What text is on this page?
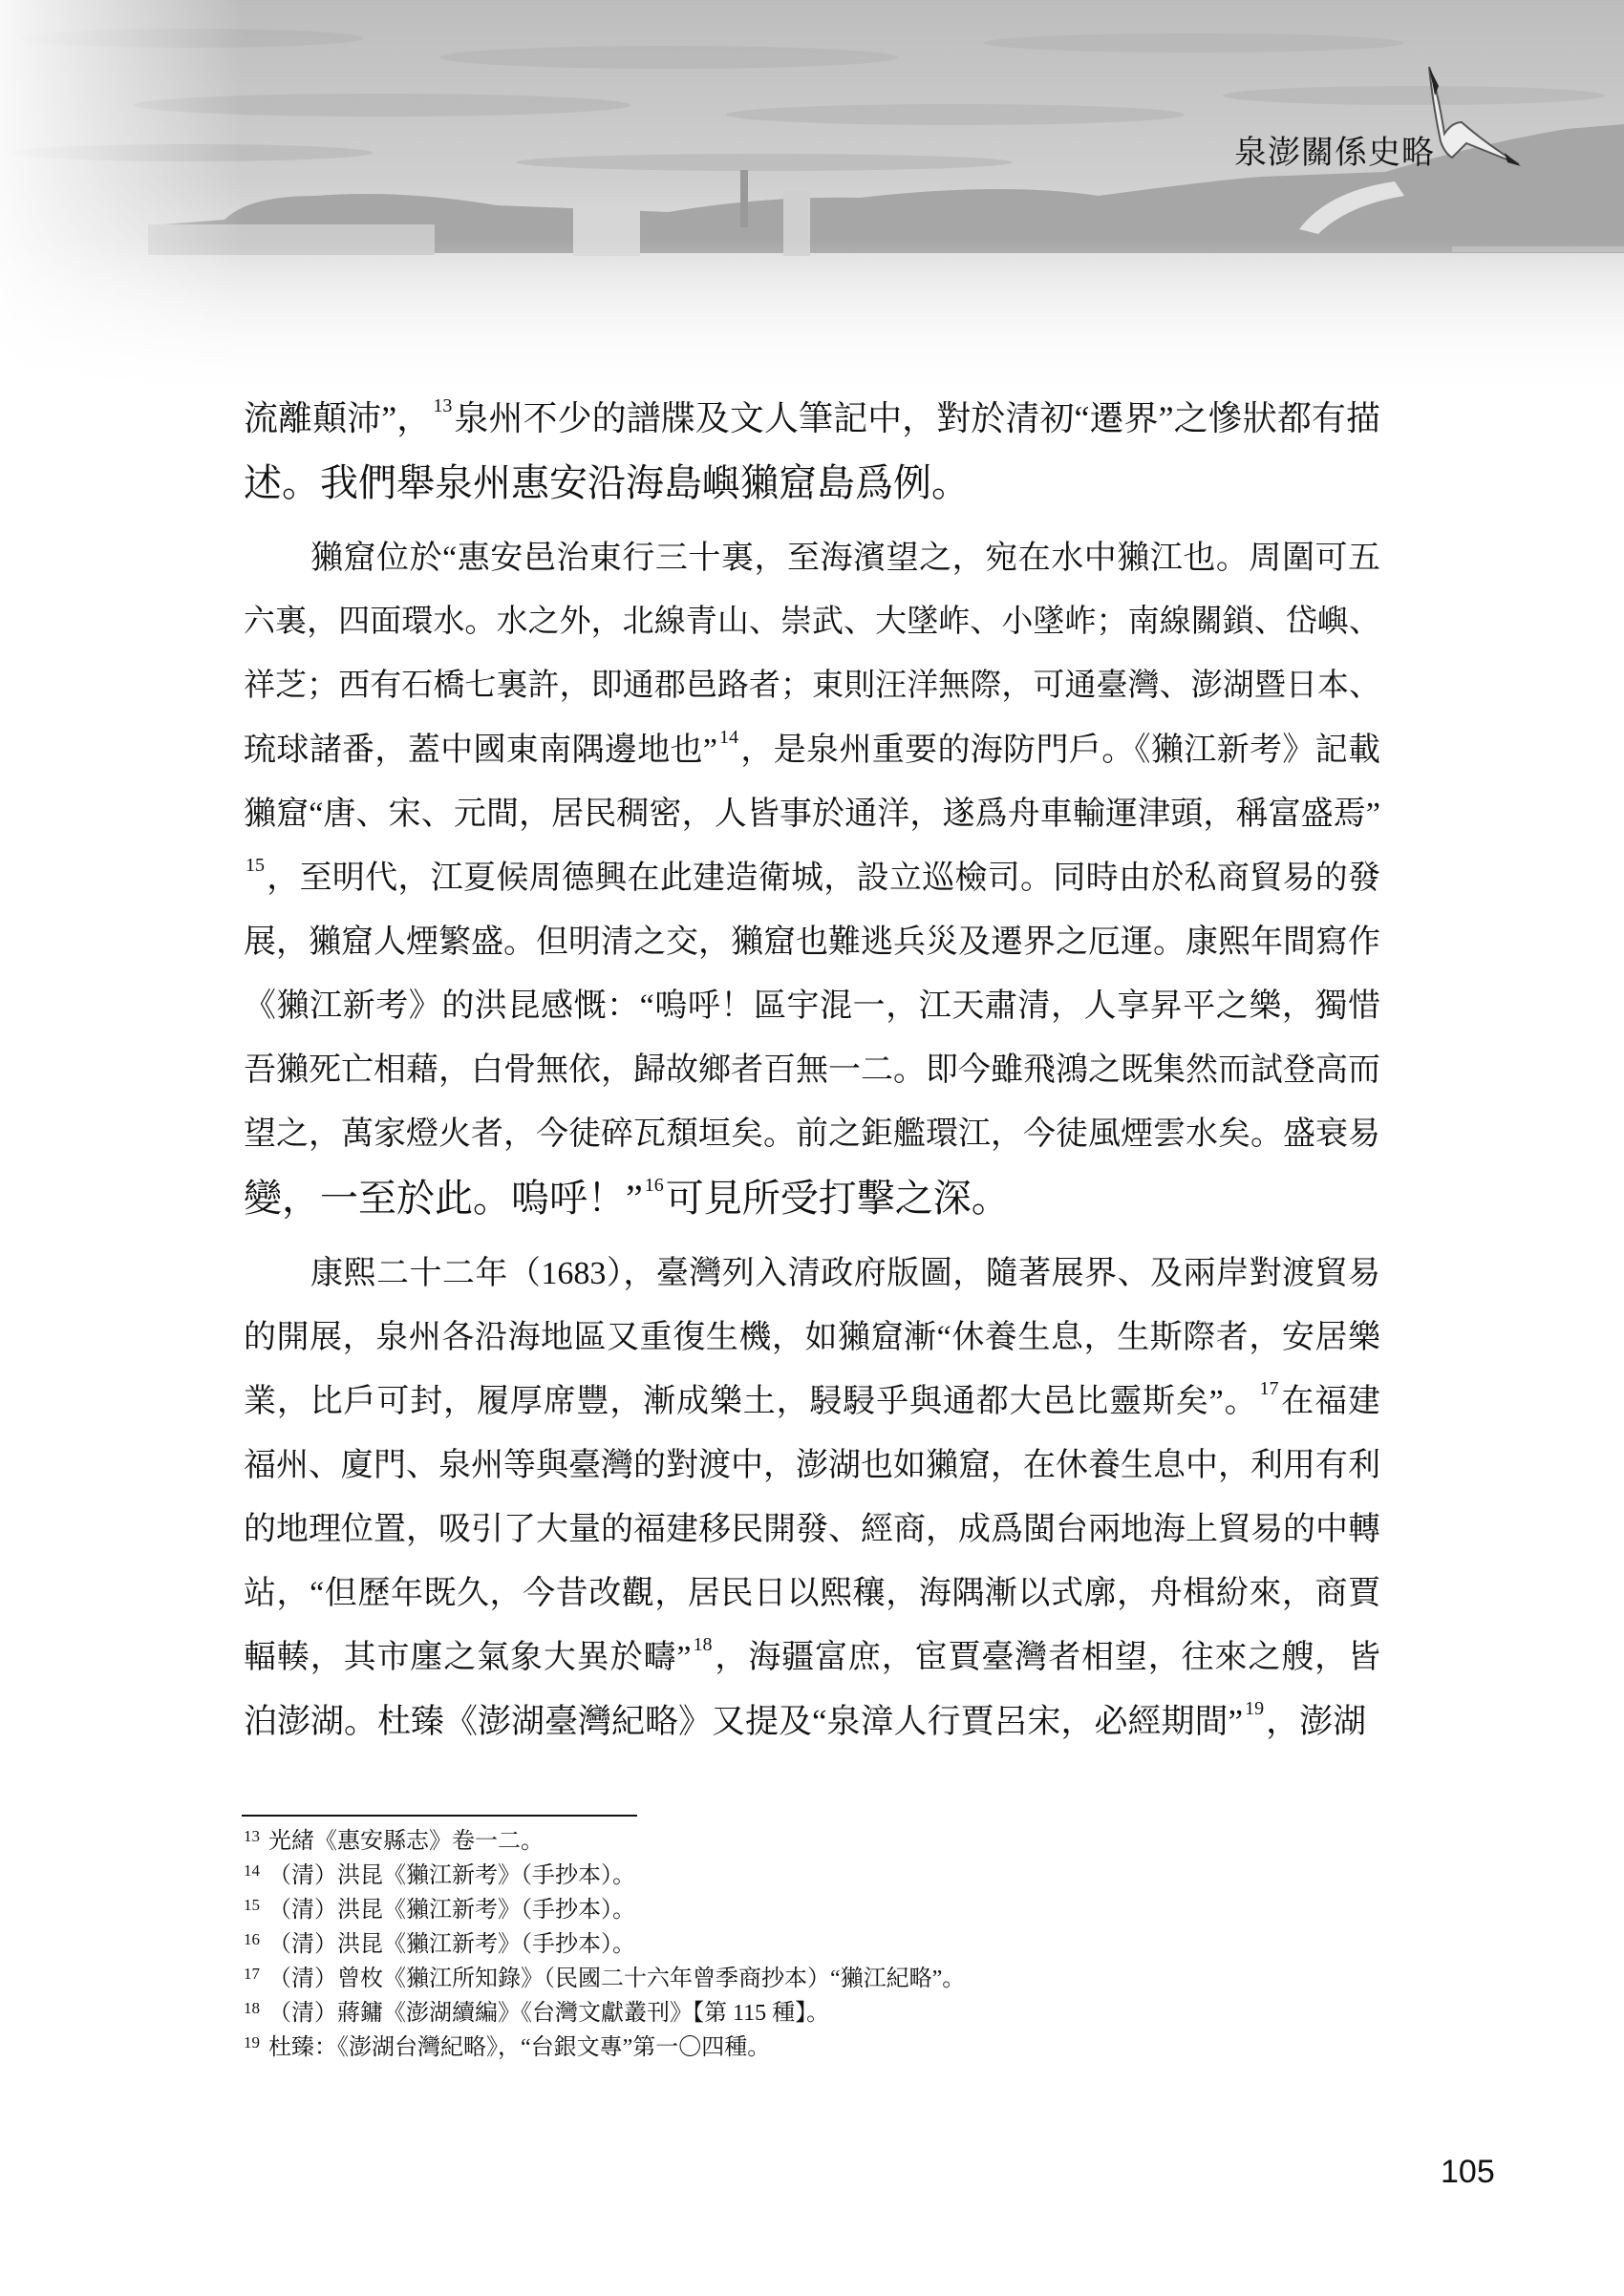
泉澎關係史略
流離顛沛”， 13泉州不少的譜牒及文人筆記中，對於清初“遷界”之慘狀都有描
述。我們舉泉州惠安沿海島嶼獺窟島爲例。
獺窟位於“惠安邑治東行三十裏，至海濱望之，宛在水中獺江也。周圍可五
六裏，四面環水。水之外，北線青山、崇武、大墜岞、小墜岞；南線關鎖、岱嶼、
祥芝；西有石橋七裏許，即通郡邑路者；東則汪洋無際，可通臺灣、澎湖暨日本、
琉球諸番，蓋中國東南隅邊地也” 14，是泉州重要的海防門戶。《獺江新考》記載
獺窟“唐、宋、元間，居民稠密，人皆事於通洋，遂爲舟車輸運津頭，稱富盛焉”
15，至明代，江夏候周德興在此建造衛城，設立巡檢司。同時由於私商貿易的發
展，獺窟人煙繁盛。但明清之交，獺窟也難逃兵災及遷界之厄運。康熙年間寫作
《獺江新考》的洪昆感慨：“嗚呼！區宇混一，江天肅清，人享昇平之樂，獨惜
吾獺死亡相藉，白骨無依，歸故鄉者百無一二。即今雖飛鴻之既集然而試登高而
望之，萬家燈火者，今徒碎瓦頹垣矣。前之鉅艦環江，今徒風煙雲水矣。盛衰易
變，一至於此。嗚呼！” 16可見所受打擊之深。
康熙二十二年（1683），臺灣列入清政府版圖，隨著展界、及兩岸對渡貿易
的開展，泉州各沿海地區又重復生機，如獺窟漸“休養生息，生斯際者，安居樂
業，比戶可封，履厚席豐，漸成樂土，駸駸乎與通都大邑比靈斯矣”。 17在福建
福州、廈門、泉州等與臺灣的對渡中，澎湖也如獺窟，在休養生息中，利用有利
的地理位置，吸引了大量的福建移民開發、經商，成爲閩台兩地海上貿易的中轉
站，“但歷年既久，今昔改觀，居民日以熙穰，海隅漸以式廓，舟楫紛來，商賈
輻輳，其市廛之氣象大異於疇” 18，海疆富庶，宦賈臺灣者相望，往來之艘，皆
泊澎湖。杜臻《澎湖臺灣紀略》又提及“泉漳人行賈呂宋，必經期間” 19，澎湖
13 光緒《惠安縣志》卷一二。
14 （清）洪昆《獺江新考》（手抄本）。
15 （清）洪昆《獺江新考》（手抄本）。
16 （清）洪昆《獺江新考》（手抄本）。
17 （清）曾枚《獺江所知錄》（民國二十六年曾季商抄本）“獺江紀略”。
18 （清）蔣鏞《澎湖續編》《台灣文獻叢刊》【第 115 種】。
19 杜臻：《澎湖台灣紀略》，“台銀文專”第一〇四種。
105
